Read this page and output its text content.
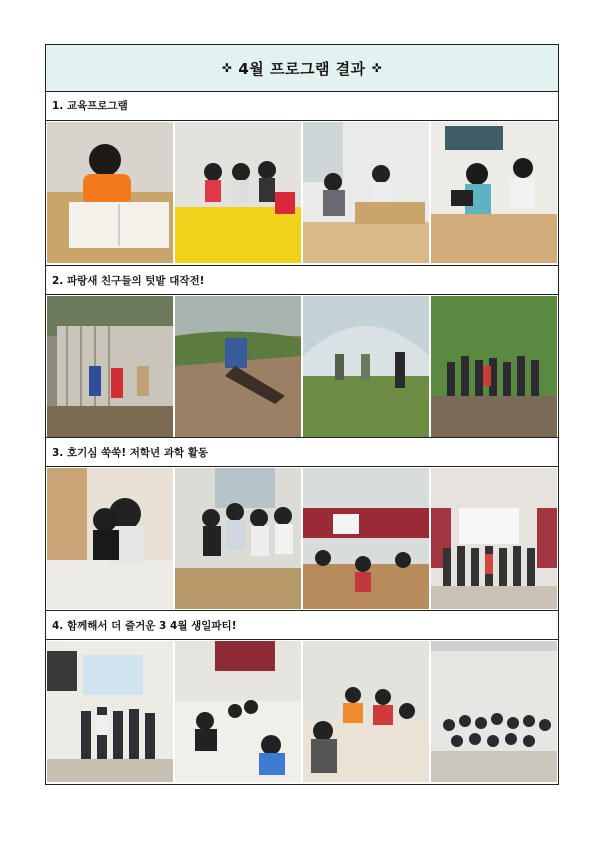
✜ 4월 프로그램 결과 ✜
1. 교육프로그램
2. 파랑새 친구들의 텃밭 대작전!
3. 호기심 쑥쑥! 저학년 과학 활동
4. 함께해서 더 즐거운 3 4월 생일파티!
